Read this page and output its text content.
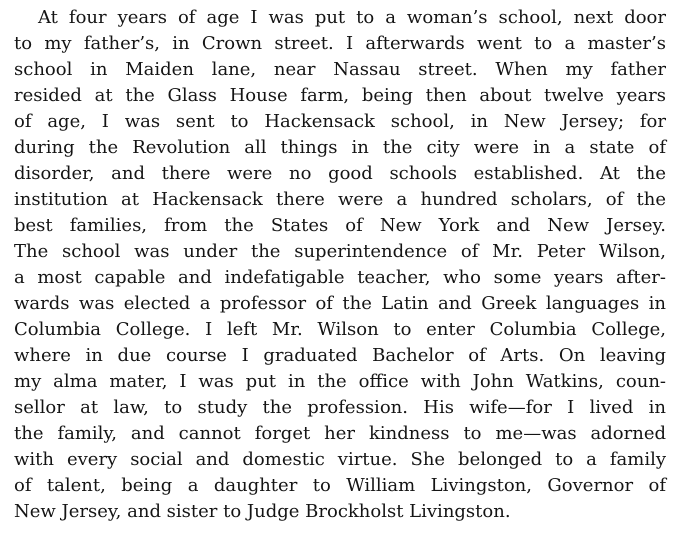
At four years of age I was put to a woman’s school, next door
to my father’s, in Crown street. I afterwards went to a master’s
school in Maiden lane, near Nassau street. When my father
resided at the Glass House farm, being then about twelve years
of age, I was sent to Hackensack school, in New Jersey; for
during the Revolution all things in the city were in a state of
disorder, and there were no good schools established. At the
institution at Hackensack there were a hundred scholars, of the
best families, from the States of New York and New Jersey.
The school was under the superintendence of Mr. Peter Wilson,
a most capable and indefatigable teacher, who some years after-
wards was elected a professor of the Latin and Greek languages in
Columbia College. I left Mr. Wilson to enter Columbia College,
where in due course I graduated Bachelor of Arts. On leaving
my alma mater, I was put in the office with John Watkins, coun-
sellor at law, to study the profession. His wife—for I lived in
the family, and cannot forget her kindness to me—was adorned
with every social and domestic virtue. She belonged to a family
of talent, being a daughter to William Livingston, Governor of
New Jersey, and sister to Judge Brockholst Livingston.
